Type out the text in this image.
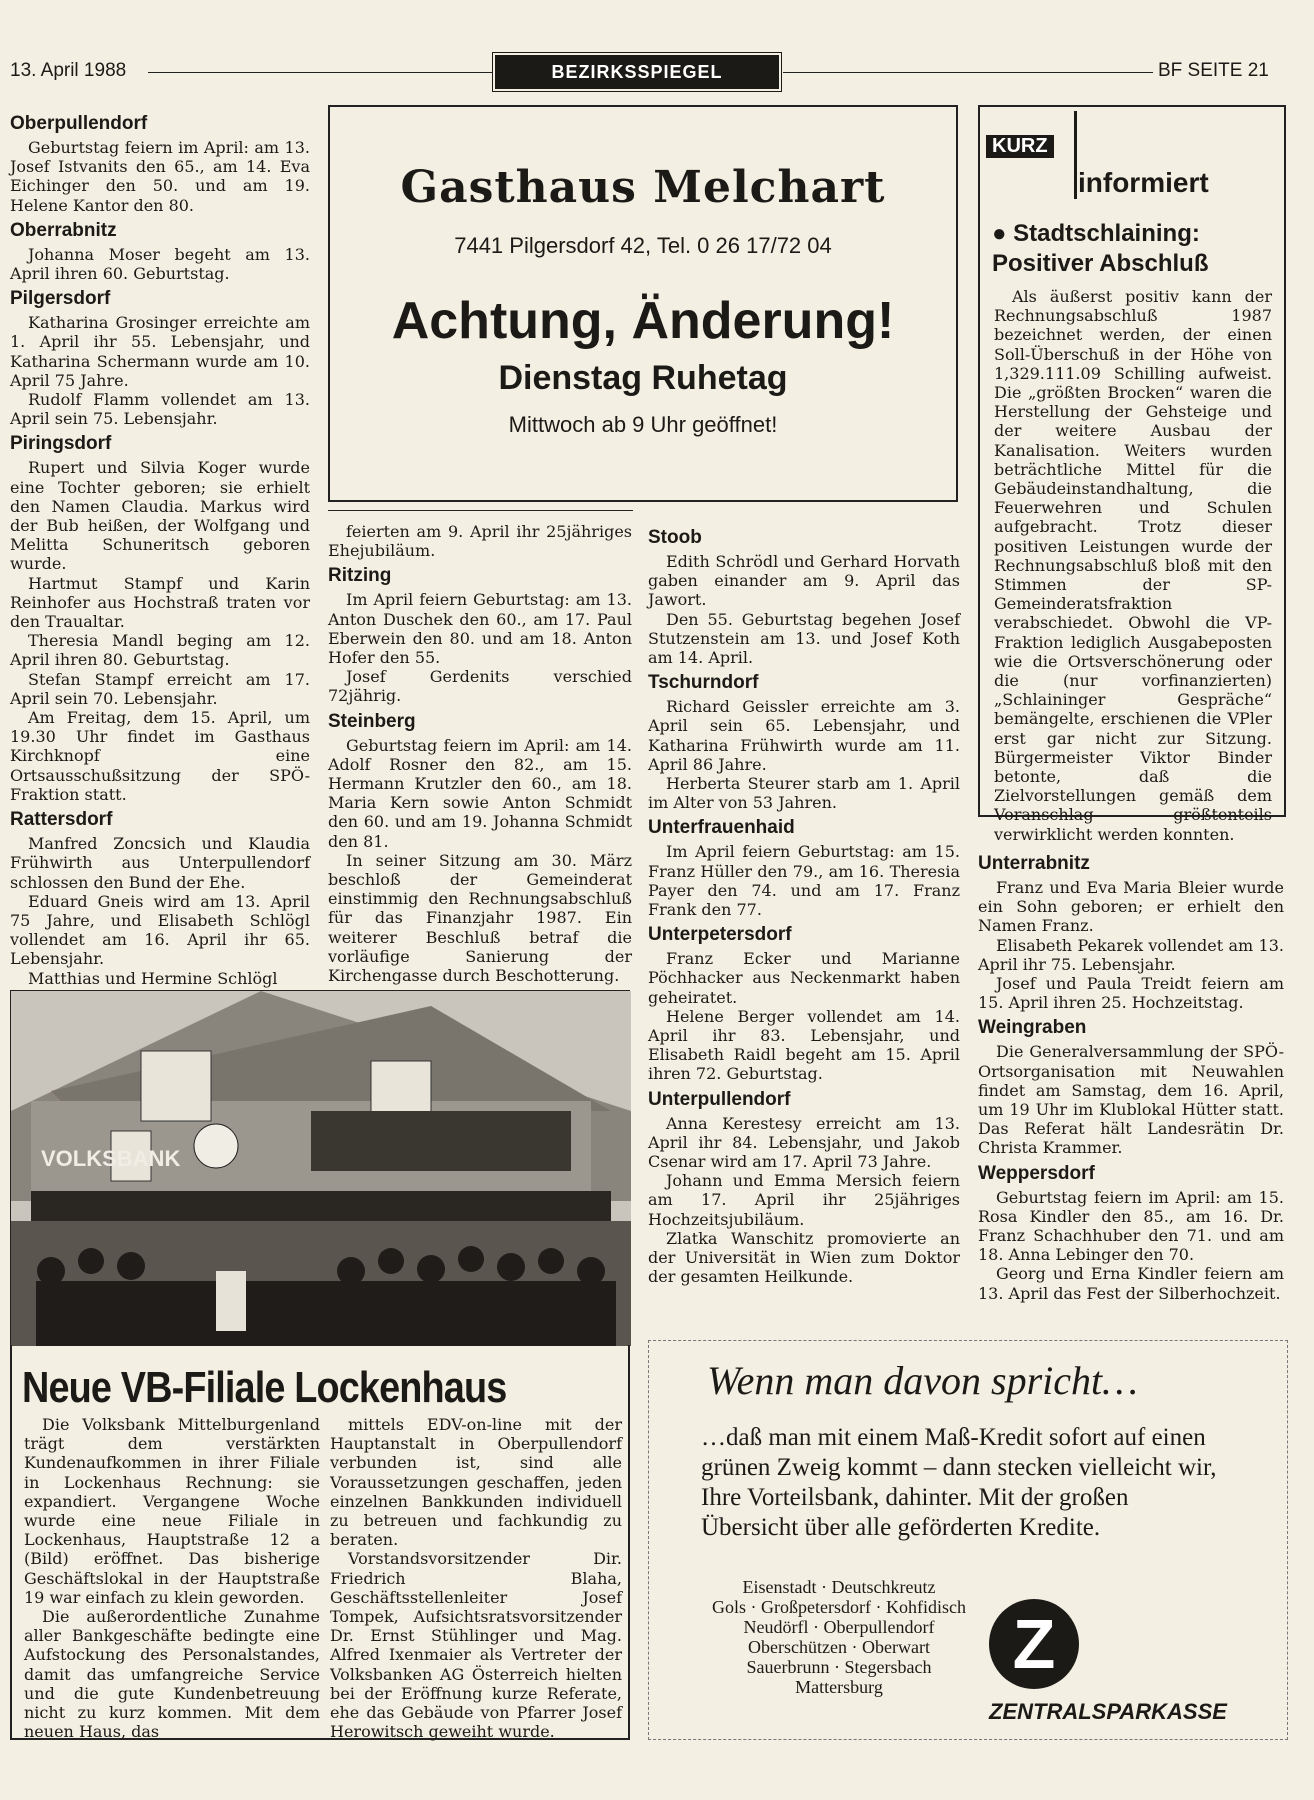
13. April 1988	BEZIRKSSPIEGEL	BF SEITE 21
Gasthaus Melchart
7441 Pilgersdorf 42, Tel. 0 26 17/72 04
Achtung, Änderung!
Dienstag Ruhetag
Mittwoch ab 9 Uhr geöffnet!
KURZ
informiert
● Stadtschlaining: Positiver Abschluß
Als äußerst positiv kann der Rechnungsabschluß 1987 bezeichnet werden, der einen Soll-Überschuß in der Höhe von 1,329.111.09 Schilling aufweist. Die „größten Brocken“ waren die Herstellung der Gehsteige und der weitere Ausbau der Kanalisation. Weiters wurden beträchtliche Mittel für die Gebäudeinstandhaltung, die Feuerwehren und Schulen aufgebracht. Trotz dieser positiven Leistungen wurde der Rechnungsabschluß bloß mit den Stimmen der SP-Gemeinderatsfraktion verabschiedet. Obwohl die VP-Fraktion lediglich Ausgabeposten wie die Ortsverschönerung oder die (nur vorfinanzierten) „Schlaininger Gespräche“ bemängelte, erschienen die VPler erst gar nicht zur Sitzung. Bürgermeister Viktor Binder betonte, daß die Zielvorstellungen gemäß dem Voranschlag größtenteils verwirklicht werden konnten.
Oberpullendorf

Geburtstag feiern im April: am 13. Josef Istvanits den 65., am 14. Eva Eichinger den 50. und am 19. Helene Kantor den 80.

Oberrabnitz

Johanna Moser begeht am 13. April ihren 60. Geburtstag.

Pilgersdorf

Katharina Grosinger erreichte am 1. April ihr 55. Lebensjahr, und Katharina Schermann wurde am 10. April 75 Jahre.

Rudolf Flamm vollendet am 13. April sein 75. Lebensjahr.

Piringsdorf

Rupert und Silvia Koger wurde eine Tochter geboren; sie erhielt den Namen Claudia. Markus wird der Bub heißen, der Wolfgang und Melitta Schuneritsch geboren wurde.

Hartmut Stampf und Karin Reinhofer aus Hochstraß traten vor den Traualtar.

Theresia Mandl beging am 12. April ihren 80. Geburtstag.

Stefan Stampf erreicht am 17. April sein 70. Lebensjahr.

Am Freitag, dem 15. April, um 19.30 Uhr findet im Gasthaus Kirchknopf eine Ortsausschußsitzung der SPÖ-Fraktion statt.

Rattersdorf

Manfred Zoncsich und Klaudia Frühwirth aus Unterpullendorf schlossen den Bund der Ehe.

Eduard Gneis wird am 13. April 75 Jahre, und Elisabeth Schlögl vollendet am 16. April ihr 65. Lebensjahr.

Matthias und Hermine Schlögl

feierten am 9. April ihr 25jähriges Ehejubiläum.

Ritzing

Im April feiern Geburtstag: am 13. Anton Duschek den 60., am 17. Paul Eberwein den 80. und am 18. Anton Hofer den 55.

Josef Gerdenits verschied 72jährig.

Steinberg

Geburtstag feiern im April: am 14. Adolf Rosner den 82., am 15. Hermann Krutzler den 60., am 18. Maria Kern sowie Anton Schmidt den 60. und am 19. Johanna Schmidt den 81.

In seiner Sitzung am 30. März beschloß der Gemeinderat einstimmig den Rechnungsabschluß für das Finanzjahr 1987. Ein weiterer Beschluß betraf die vorläufige Sanierung der Kirchengasse durch Beschotterung.

Stoob

Edith Schrödl und Gerhard Horvath gaben einander am 9. April das Jawort.

Den 55. Geburtstag begehen Josef Stutzenstein am 13. und Josef Koth am 14. April.

Tschurndorf

Richard Geissler erreichte am 3. April sein 65. Lebensjahr, und Katharina Frühwirth wurde am 11. April 86 Jahre.

Herberta Steurer starb am 1. April im Alter von 53 Jahren.

Unterfrauenhaid

Im April feiern Geburtstag: am 15. Franz Hüller den 79., am 16. Theresia Payer den 74. und am 17. Franz Frank den 77.

Unterpetersdorf

Franz Ecker und Marianne Pöchhacker aus Neckenmarkt haben geheiratet.

Helene Berger vollendet am 14. April ihr 83. Lebensjahr, und Elisabeth Raidl begeht am 15. April ihren 72. Geburtstag.

Unterpullendorf

Anna Kerestesy erreicht am 13. April ihr 84. Lebensjahr, und Jakob Csenar wird am 17. April 73 Jahre.

Johann und Emma Mersich feiern am 17. April ihr 25jähriges Hochzeitsjubiläum.

Zlatka Wanschitz promovierte an der Universität in Wien zum Doktor der gesamten Heilkunde.

Unterrabnitz

Franz und Eva Maria Bleier wurde ein Sohn geboren; er erhielt den Namen Franz.

Elisabeth Pekarek vollendet am 13. April ihr 75. Lebensjahr.

Josef und Paula Treidt feiern am 15. April ihren 25. Hochzeitstag.

Weingraben

Die Generalversammlung der SPÖ-Ortsorganisation mit Neuwahlen findet am Samstag, dem 16. April, um 19 Uhr im Klublokal Hütter statt. Das Referat hält Landesrätin Dr. Christa Krammer.

Weppersdorf

Geburtstag feiern im April: am 15. Rosa Kindler den 85., am 16. Dr. Franz Schachhuber den 71. und am 18. Anna Lebinger den 70.

Georg und Erna Kindler feiern am 13. April das Fest der Silberhochzeit.

VOLKSBANK
Neue VB-Filiale Lockenhaus

Die Volksbank Mittelburgenland trägt dem verstärkten Kundenaufkommen in ihrer Filiale in Lockenhaus Rechnung: sie expandiert. Vergangene Woche wurde eine neue Filiale in Lockenhaus, Hauptstraße 12 a (Bild) eröffnet. Das bisherige Geschäftslokal in der Hauptstraße 19 war einfach zu klein geworden.

Die außerordentliche Zunahme aller Bankgeschäfte bedingte eine Aufstockung des Personalstandes, damit das umfangreiche Service und die gute Kundenbetreuung nicht zu kurz kommen. Mit dem neuen Haus, das

mittels EDV-on-line mit der Hauptanstalt in Oberpullendorf verbunden ist, sind alle Voraussetzungen geschaffen, jeden einzelnen Bankkunden individuell zu betreuen und fachkundig zu beraten.

Vorstandsvorsitzender Dir. Friedrich Blaha, Geschäftsstellenleiter Josef Tompek, Aufsichtsratsvorsitzender Dr. Ernst Stühlinger und Mag. Alfred Ixenmaier als Vertreter der Volksbanken AG Österreich hielten bei der Eröffnung kurze Referate, ehe das Gebäude von Pfarrer Josef Herowitsch geweiht wurde.

Wenn man davon spricht…
…daß man mit einem Maß-Kredit sofort auf einen grünen Zweig kommt – dann stecken vielleicht wir, Ihre Vorteilsbank, dahinter. Mit der großen Übersicht über alle geförderten Kredite.
Eisenstadt · Deutschkreutz
Gols · Großpetersdorf · Kohfidisch
Neudörfl · Oberpullendorf
Oberschützen · Oberwart
Sauerbrunn · Stegersbach
Mattersburg
Z
ZENTRALSPARKASSE
